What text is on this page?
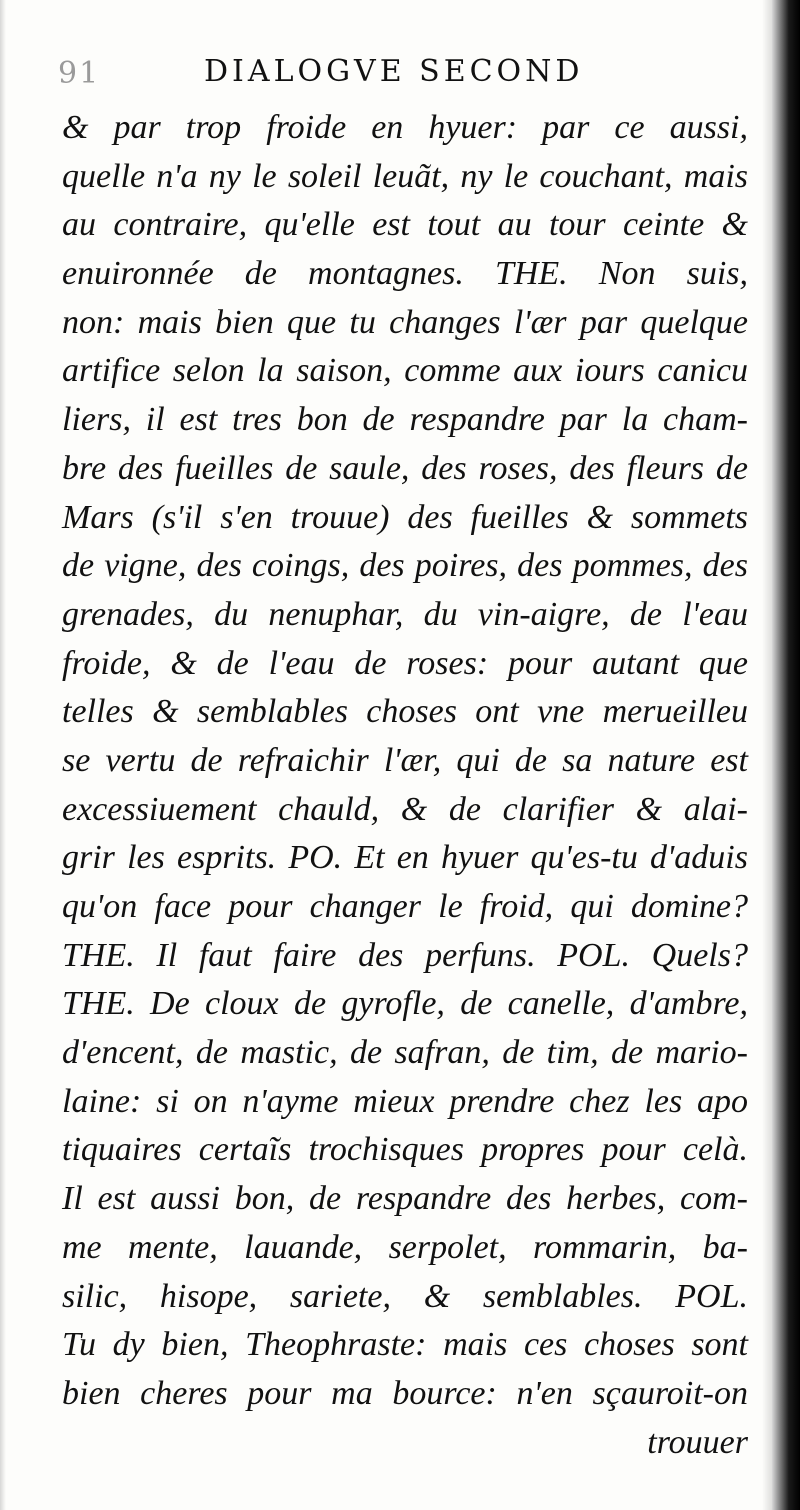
91	DIALOGVE SECOND
& par trop froide en hyuer: par ce aussi,
quelle n'a ny le soleil leuãt, ny le couchant, mais
au contraire, qu'elle est tout au tour ceinte &
enuironnée de montagnes. THE. Non suis,
non: mais bien que tu changes l'ær par quelque
artifice selon la saison, comme aux iours canicu
liers, il est tres bon de respandre par la cham-
bre des fueilles de saule, des roses, des fleurs de
Mars (s'il s'en trouue) des fueilles & sommets
de vigne, des coings, des poires, des pommes, des
grenades, du nenuphar, du vin-aigre, de l'eau
froide, & de l'eau de roses: pour autant que
telles & semblables choses ont vne merueilleu
se vertu de refraichir l'ær, qui de sa nature est
excessiuement chauld, & de clarifier & alai-
grir les esprits. PO. Et en hyuer qu'es-tu d'aduis
qu'on face pour changer le froid, qui domine?
THE. Il faut faire des perfuns. POL. Quels?
THE. De cloux de gyrofle, de canelle, d'ambre,
d'encent, de mastic, de safran, de tim, de mario-
laine: si on n'ayme mieux prendre chez les apo
tiquaires certaĩs trochisques propres pour celà.
Il est aussi bon, de respandre des herbes, com-
me mente, lauande, serpolet, rommarin, ba-
silic, hisope, sariete, & semblables. POL.
Tu dy bien, Theophraste: mais ces choses sont
bien cheres pour ma bource: n'en sçauroit-on
trouuer
